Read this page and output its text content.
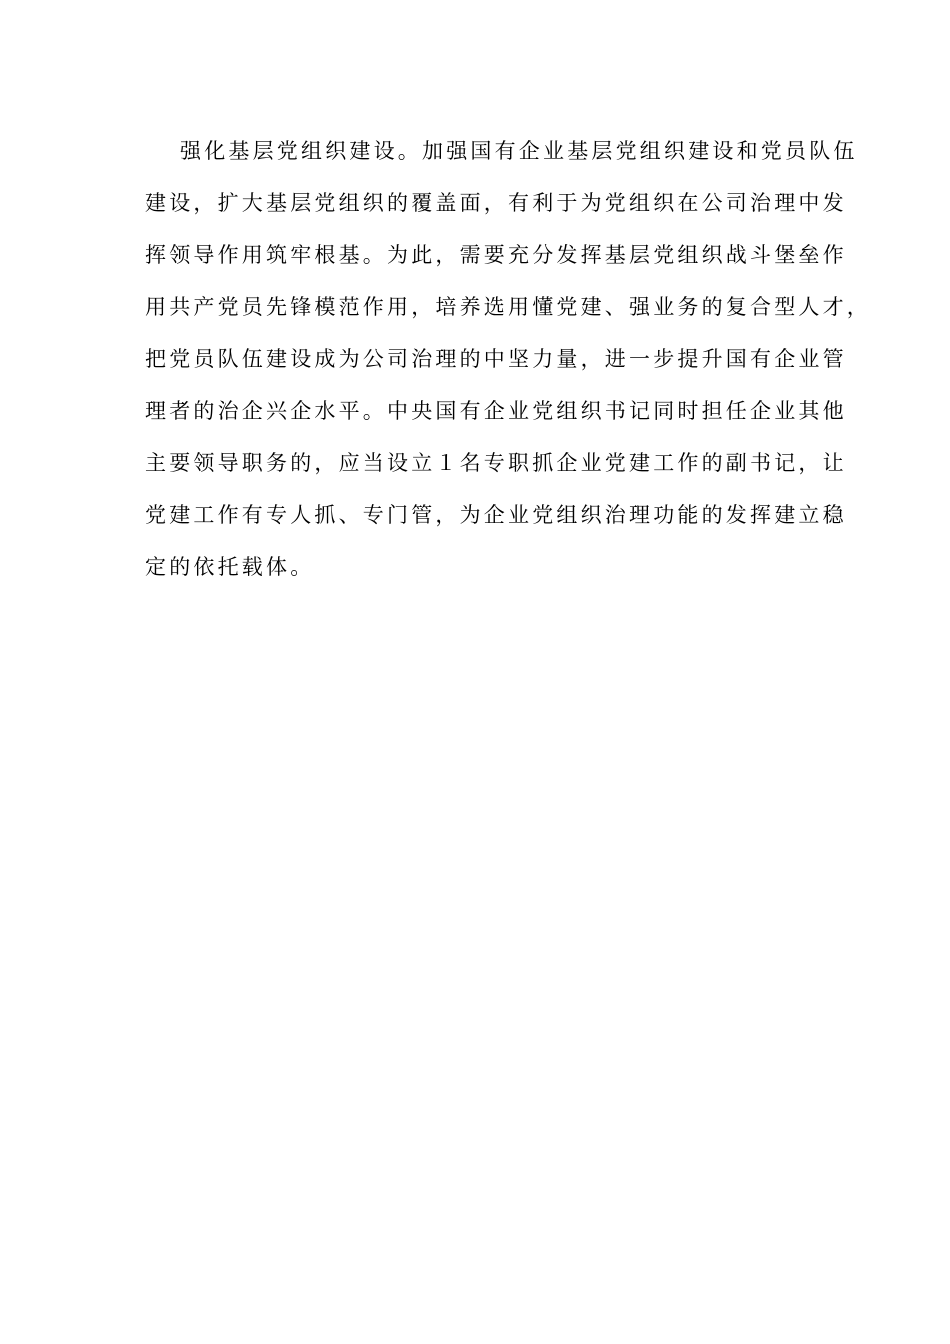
强化基层党组织建设。加强国有企业基层党组织建设和党员队伍
建设，扩大基层党组织的覆盖面，有利于为党组织在公司治理中发
挥领导作用筑牢根基。为此，需要充分发挥基层党组织战斗堡垒作
用共产党员先锋模范作用，培养选用懂党建、强业务的复合型人才，
把党员队伍建设成为公司治理的中坚力量，进一步提升国有企业管
理者的治企兴企水平。中央国有企业党组织书记同时担任企业其他
主要领导职务的，应当设立１名专职抓企业党建工作的副书记，让
党建工作有专人抓、专门管，为企业党组织治理功能的发挥建立稳
定的依托载体。
